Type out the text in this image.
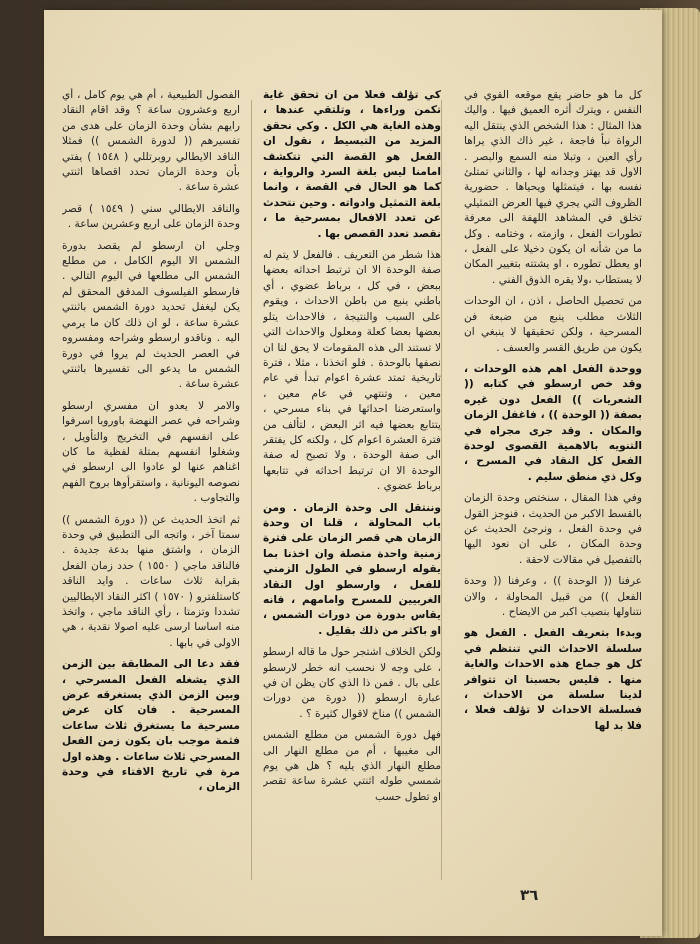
كل ما هو حاضر يقع موقعه القوي في النفس ، ويترك أثره العميق فيها . واليك هذا المثال : هذا الشخص الذي ينتقل اليه الرواة نبأ فاجعة ، غير ذاك الذي يراها رأي العين ، وتبلا منه السمع والبصر . الاول قد يهتز وجدانه لها ، والثاني تمتلئ نفسه بها ، فيتمثلها ويحياها . حضورية الظروف التي يجري فيها العرض التمثيلي تخلق في المشاهد اللهفة الى معرفة تطورات الفعل ، وازمته ، وختامه . وكل ما من شأنه ان يكون دخيلا على الفعل ، او يعطل تطوره ، او يشتته بتغيير المكان لا يستطاب ،ولا يقره الذوق الفني .

من تحصيل الحاصل ، اذن ، ان الوحدات الثلاث مطلب ينبع من ضبعة فن المسرحية ، ولكن تحقيقها لا ينبغي ان يكون من طريق القسر والعسف .

ووحدة الفعل اهم هذه الوحدات ، وقد خص ارسطو في كتابه (( الشعريات )) الفعل دون غيره بصفة (( الوحدة )) ، فاغفل الزمان والمكان . وقد جرى مجراه في التنويه بالاهمية القصوى لوحدة الفعل كل النقاد في المسرح ، وكل ذي منطق سليم .

وفي هذا المقال ، سنختص وحدة الزمان بالقسط الاكبر من الحديث ، فنوجز القول في وحدة الفعل ، ونرجئ الحديث عن وحدة المكان ، على ان نعود اليها بالتفصيل في مقالات لاحقة .

عرفنا (( الوحدة )) ، وعرفنا (( وحدة الفعل )) من قبيل المحاولة ، والان نتناولها بنصيب اكبر من الايضاح .

وبدءا بتعريف الفعل . الفعل هو سلسلة الاحداث التي تنتظم في كل هو جماع هذه الاحداث والغاية منها . فليس بحسبنا ان تتوافر لدينا سلسلة من الاحداث ، فسلسلة الاحداث لا تؤلف فعلا ، فلا بد لها

كي تؤلف فعلا من ان تحقق غاية تكمن وراءها ، وتلتقي عندها ، وهذه الغاية هي الكل . وكي نحقق المزيد من التبسيط ، نقول ان الفعل هو القصة التي تتكشف امامنا ليس بلغة السرد والرواية ، كما هو الحال في القصة ، وانما بلغة التمثيل وادواته . وحين نتحدث عن تعدد الافعال بمسرحية ما ، نقصد تعدد القصص بها .

هذا شطر من التعريف . فالفعل لا يتم له صفة الوحدة الا ان ترتبط احداثه بعضها ببعض ، في كل ، برباط عضوي ، أي باطني ينبع من باطن الاحداث ، ويقوم على السبب والنتيجة ، فالاحداث يتلو بعضها بعضا كعلة ومعلول والاحداث التي لا تستند الى هذه المقومات لا يحق لنا ان نصفها بالوحدة . فلو اتخذنا ، مثلا ، فترة تاريخية تمتد عشرة اعوام تبدأ في عام معين ، وتنتهي في عام معين ، واستعرضنا احداثها في بناء مسرحي ، يتتابع بعضها فيه اثر البعض ، لتألف من فترة العشرة اعوام كل ، ولكنه كل يفتقر الى صفة الوحدة ، ولا تصبح له صفة الوحدة الا ان ترتبط احداثه في تتابعها برباط عضوي .

وننتقل الى وحدة الزمان . ومن باب المحاولة ، قلنا ان وحدة الزمان هي قصر الزمان على فترة زمنية واحدة متصلة وان اخذنا بما يقوله ارسطو في الطول الزمني للفعل ، وارسطو اول النقاد الغربيين للمسرح وامامهم ، فانه يقاس بدورة من دورات الشمس ، او باكثر من ذلك بقليل .

ولكن الخلاف اشتجر حول ما قاله ارسطو ، على وجه لا نحسب انه خطر لارسطو على بال . فمن ذا الذي كان يظن ان في عبارة ارسطو (( دورة من دورات الشمس )) مناخ لاقوال كثيرة ؟ .

فهل دورة الشمس من مطلع الشمس الى مغيبها ، أم من مطلع النهار الى مطلع النهار الذي يليه ؟ هل هي يوم شمسي طوله اثنتي عشرة ساعة تقصر او تطول حسب

الفصول الطبيعية ، أم هي يوم كامل ، أي اربع وعشرون ساعة ؟ وقد اقام النقاد رايهم بشأن وحدة الزمان على هدى من تفسيرهم (( لدورة الشمس )) فمثلا الناقد الايطالي روبرتللي ( ١٥٤٨ ) يفتي بأن وحدة الزمان تحدد اقصاها اثنتي عشرة ساعة .

والناقد الايطالي سني ( ١٥٤٩ ) قصر وحدة الزمان على اربع وعشرين ساعة .

وجلي ان ارسطو لم يقصد بدورة الشمس الا اليوم الكامل ، من مطلع الشمس الى مطلعها في اليوم التالي . فارسطو الفيلسوف المدقق المحقق لم يكن ليغفل تحديد دورة الشمس باثنتي عشرة ساعة ، لو ان ذلك كان ما يرمي اليه . وناقدو ارسطو وشراحه ومفسروه في العصر الحديث لم يروا في دورة الشمس ما يدعو الى تفسيرها باثنتي عشرة ساعة .

والامر لا يعدو ان مفسري ارسطو وشراحه في عصر النهضة باوروبا اسرفوا على انفسهم في التخريج والتأويل ، وشغلوا انفسهم بمتلة لفظية ما كان اغناهم عنها لو عادوا الى ارسطو في نصوصه اليونانية ، واستقرأوها بروح الفهم والتجاوب .

ثم اتخذ الحديث عن (( دورة الشمس )) سمتا آخر ، واتجه الى التطبيق في وحدة الزمان ، واشتق منها بدعة جديدة . فالناقد ماجي ( ١٥٥٠ ) حدد زمان الفعل بقرابة ثلاث ساعات . وايد الناقد كاستلفترو ( ١٥٧٠ ) اكثر النقاد الايطاليين تشددا وتزمتا ، رأي الناقد ماجي ، واتخذ منه اساسا ارسى عليه اصولا نقدية ، هي الاولى في بابها .

فقد دعا الى المطابقة بين الزمن الذي يشغله الفعل المسرحي ، وبين الزمن الذي يستغرقه عرض المسرحية . فان كان عرض مسرحية ما يستغرق ثلاث ساعات فثمة موجب بان يكون زمن الفعل المسرحي ثلاث ساعات . وهذه اول مرة في تاريخ الافتاء في وحدة الزمان ،

٣٦
